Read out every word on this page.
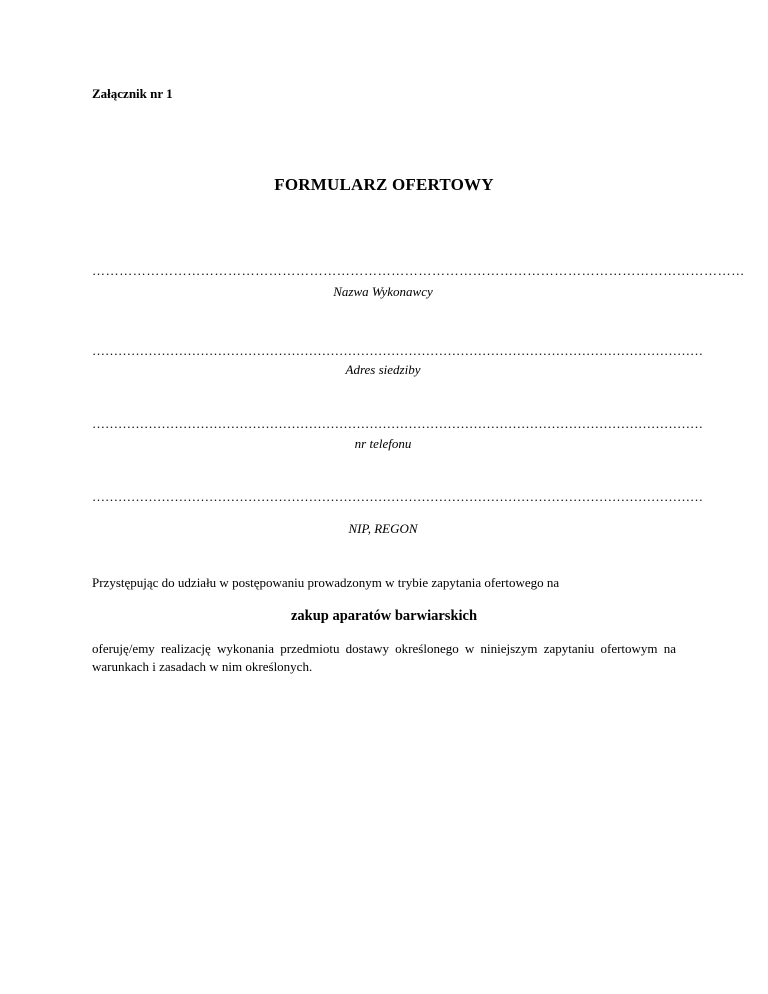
Załącznik nr 1
FORMULARZ OFERTOWY
………………………………………………………………………………………………………………………………
Nazwa Wykonawcy
……………………………………………………………………………………………………………………………
Adres siedziby
……………………………………………………………………………………………………………………………
nr telefonu
……………………………………………………………………………………………………………………………
NIP, REGON
Przystępując do udziału w postępowaniu prowadzonym w trybie zapytania ofertowego na
zakup aparatów barwiarskich
oferuję/emy realizację wykonania przedmiotu dostawy określonego w niniejszym zapytaniu ofertowym na warunkach i zasadach w nim określonych.
